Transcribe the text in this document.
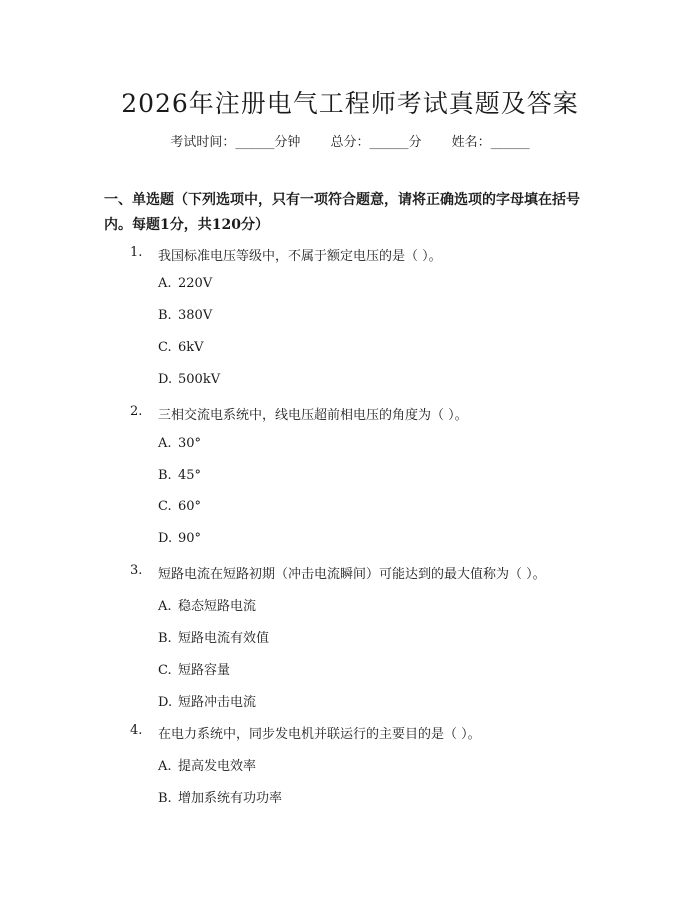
2026年注册电气工程师考试真题及答案
考试时间：______分钟 总分：______分 姓名：______
一、单选题（下列选项中，只有一项符合题意，请将正确选项的字母填在括号内。每题1分，共120分）
1. 我国标准电压等级中，不属于额定电压的是（ ）。
A. 220V
B. 380V
C. 6kV
D. 500kV
2. 三相交流电系统中，线电压超前相电压的角度为（ ）。
A. 30°
B. 45°
C. 60°
D. 90°
3. 短路电流在短路初期（冲击电流瞬间）可能达到的最大值称为（ ）。
A. 稳态短路电流
B. 短路电流有效值
C. 短路容量
D. 短路冲击电流
4. 在电力系统中，同步发电机并联运行的主要目的是（ ）。
A. 提高发电效率
B. 增加系统有功功率
